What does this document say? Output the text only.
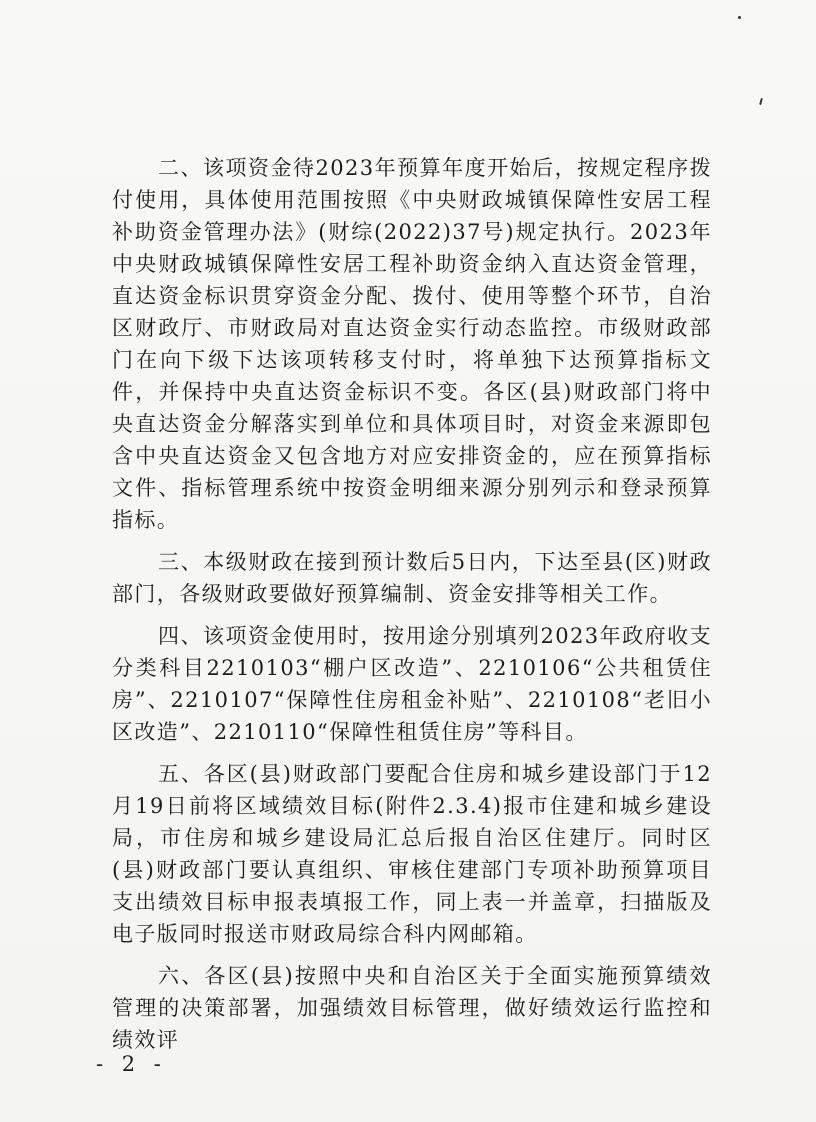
二、该项资金待2023年预算年度开始后，按规定程序拨付使用，具体使用范围按照《中央财政城镇保障性安居工程补助资金管理办法》(财综(2022)37号)规定执行。2023年中央财政城镇保障性安居工程补助资金纳入直达资金管理，直达资金标识贯穿资金分配、拨付、使用等整个环节，自治区财政厅、市财政局对直达资金实行动态监控。市级财政部门在向下级下达该项转移支付时，将单独下达预算指标文件，并保持中央直达资金标识不变。各区(县)财政部门将中央直达资金分解落实到单位和具体项目时，对资金来源即包含中央直达资金又包含地方对应安排资金的，应在预算指标文件、指标管理系统中按资金明细来源分别列示和登录预算指标。

三、本级财政在接到预计数后5日内，下达至县(区)财政部门，各级财政要做好预算编制、资金安排等相关工作。

四、该项资金使用时，按用途分别填列2023年政府收支分类科目2210103“棚户区改造”、2210106“公共租赁住房”、2210107“保障性住房租金补贴”、2210108“老旧小区改造”、2210110“保障性租赁住房”等科目。

五、各区(县)财政部门要配合住房和城乡建设部门于12月19日前将区域绩效目标(附件2.3.4)报市住建和城乡建设局，市住房和城乡建设局汇总后报自治区住建厅。同时区(县)财政部门要认真组织、审核住建部门专项补助预算项目支出绩效目标申报表填报工作，同上表一并盖章，扫描版及电子版同时报送市财政局综合科内网邮箱。

六、各区(县)按照中央和自治区关于全面实施预算绩效管理的决策部署，加强绩效目标管理，做好绩效运行监控和绩效评

- 2 -
